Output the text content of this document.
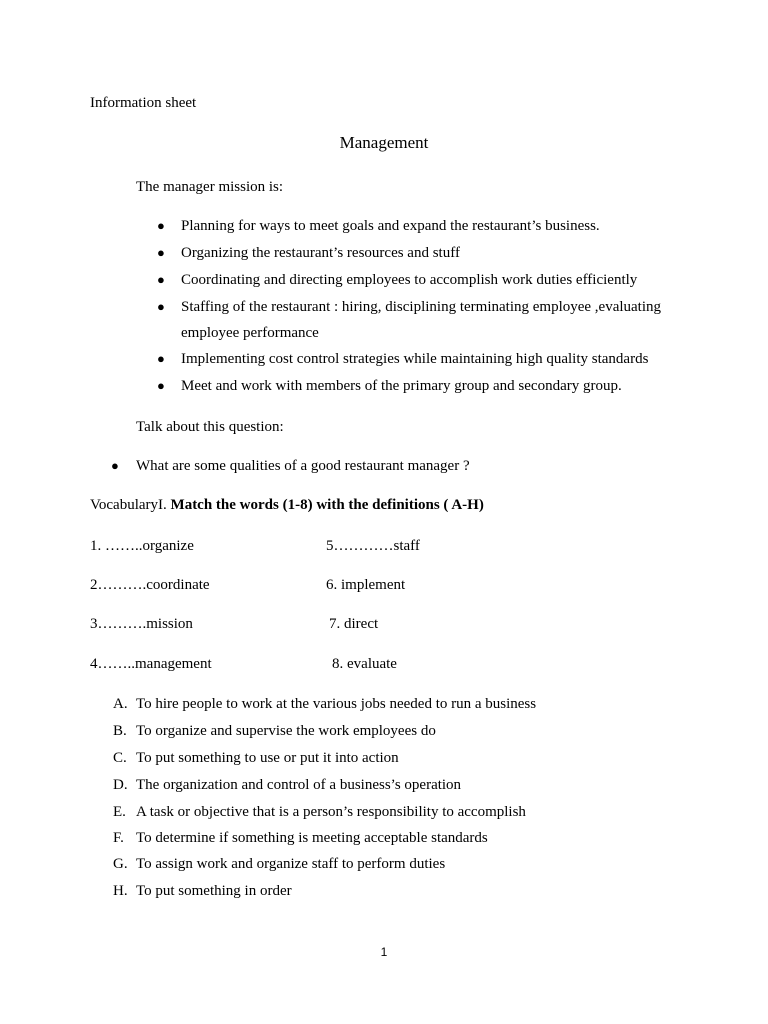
Information sheet
Management
The manager mission is:
● Planning for ways to meet goals and expand the restaurant’s business.
● Organizing the restaurant’s resources and stuff
● Coordinating and directing employees to accomplish work duties efficiently
● Staffing of the restaurant : hiring, disciplining terminating employee ,evaluating
employee performance
● Implementing cost control strategies while maintaining high quality standards
● Meet and work with members of the primary group and secondary group.
Talk about this question:
● What are some qualities of a good restaurant manager ?
VocabularyI. Match the words (1-8) with the definitions ( A-H)
1. ……..organize	5…………staff
2……….coordinate	6. implement
3……….mission	7. direct
4……..management	8. evaluate
A. To hire people to work at the various jobs needed to run a business
B. To organize and supervise the work employees do
C. To put something to use or put it into action
D. The organization and control of a business’s operation
E. A task or objective that is a person’s responsibility to accomplish
F. To determine if something is meeting acceptable standards
G. To assign work and organize staff to perform duties
H. To put something in order
1
